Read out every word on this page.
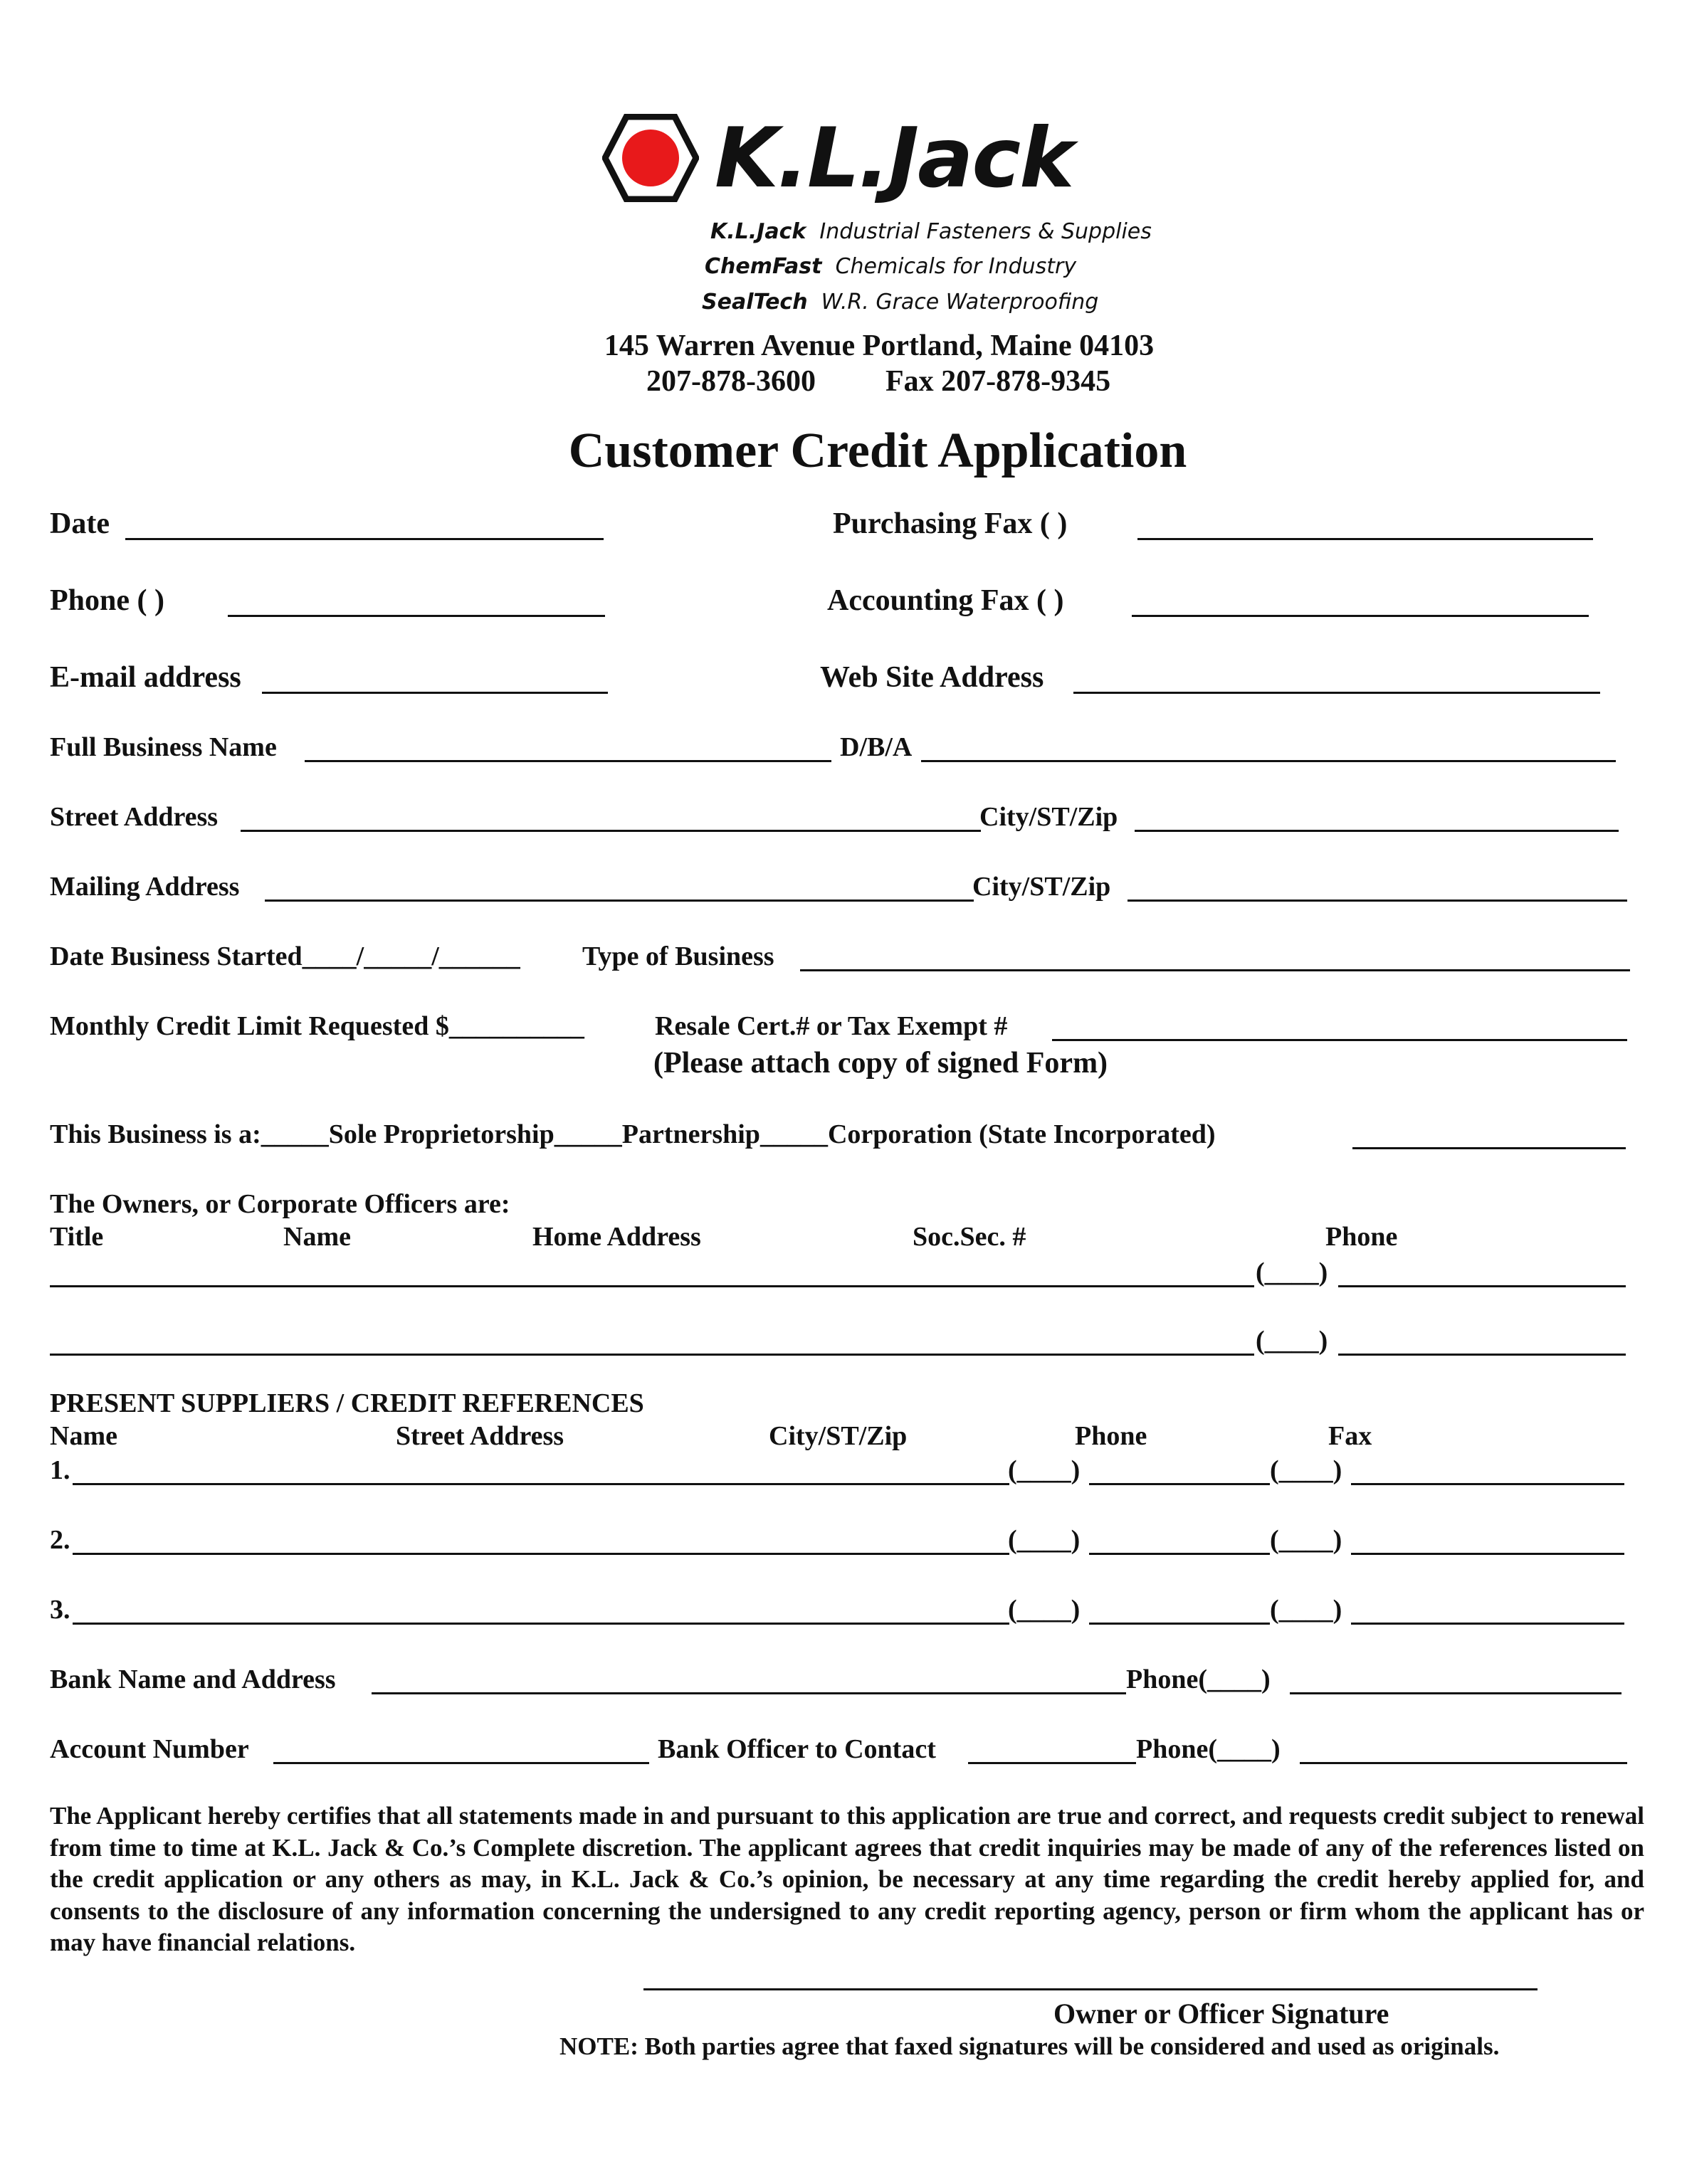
K.L.Jack
K.L.Jack Industrial Fasteners & Supplies
ChemFast Chemicals for Industry
SealTech W.R. Grace Waterproofing
145 Warren Avenue Portland, Maine 04103
207-878-3600 Fax 207-878-9345
Customer Credit Application
Date	Purchasing Fax ( )
Phone ( )	Accounting Fax ( )
E-mail address	Web Site Address
Full Business Name	D/B/A
Street Address	City/ST/Zip
Mailing Address	City/ST/Zip
Date Business Started____/_____/______ Type of Business
Monthly Credit Limit Requested $__________	Resale Cert.# or Tax Exempt #
(Please attach copy of signed Form)
This Business is a:_____Sole Proprietorship_____Partnership_____Corporation (State Incorporated)
The Owners, or Corporate Officers are:
Title	Name	Home Address	Soc.Sec. #	Phone
(____)
(____)
PRESENT SUPPLIERS / CREDIT REFERENCES
Name	Street Address	City/ST/Zip	Phone	Fax
1.	(____)	(____)
2.	(____)	(____)
3.	(____)	(____)
Bank Name and Address	Phone(____)
Account Number	Bank Officer to Contact	Phone(____)
The Applicant hereby certifies that all statements made in and pursuant to this application are true and correct, and requests credit subject to renewal from time to time at K.L. Jack & Co.’s Complete discretion. The applicant agrees that credit inquiries may be made of any of the references listed on the credit application or any others as may, in K.L. Jack & Co.’s opinion, be necessary at any time regarding the credit hereby applied for, and consents to the disclosure of any information concerning the undersigned to any credit reporting agency, person or firm whom the applicant has or may have financial relations.
Owner or Officer Signature
NOTE: Both parties agree that faxed signatures will be considered and used as originals.
